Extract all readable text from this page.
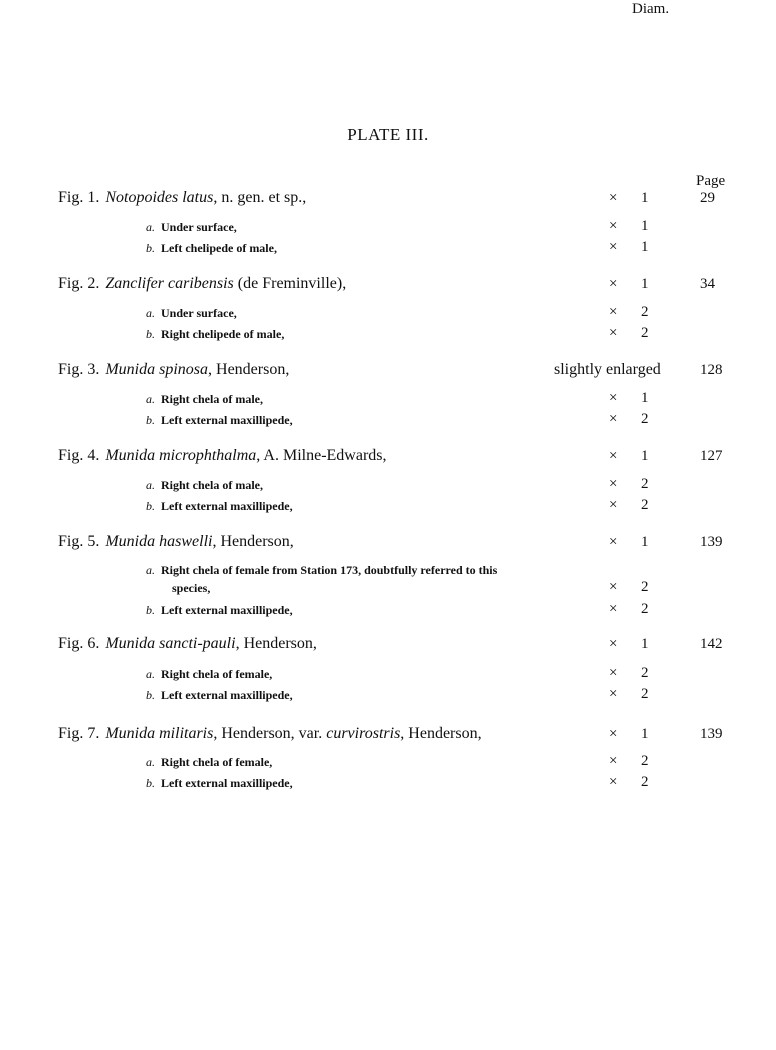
PLATE III.
Diam.
Page
Fig. 1. Notopoides latus, n. gen. et sp.,	× 1	29
a. Under surface,	× 1
b. Left chelipede of male,	× 1
Fig. 2. Zanclifer caribensis (de Freminville),	× 1	34
a. Under surface,	× 2
b. Right chelipede of male,	× 2
Fig. 3. Munida spinosa, Henderson,	slightly enlarged	128
a. Right chela of male,	× 1
b. Left external maxillipede,	× 2
Fig. 4. Munida microphthalma, A. Milne-Edwards,	× 1	127
a. Right chela of male,	× 2
b. Left external maxillipede,	× 2
Fig. 5. Munida haswelli, Henderson,	× 1	139
a. Right chela of female from Station 173, doubtfully referred to this
species,	× 2
b. Left external maxillipede,	× 2
Fig. 6. Munida sancti-pauli, Henderson,	× 1	142
a. Right chela of female,	× 2
b. Left external maxillipede,	× 2
Fig. 7. Munida militaris, Henderson, var. curvirostris, Henderson,	× 1	139
a. Right chela of female,	× 2
b. Left external maxillipede,	× 2
